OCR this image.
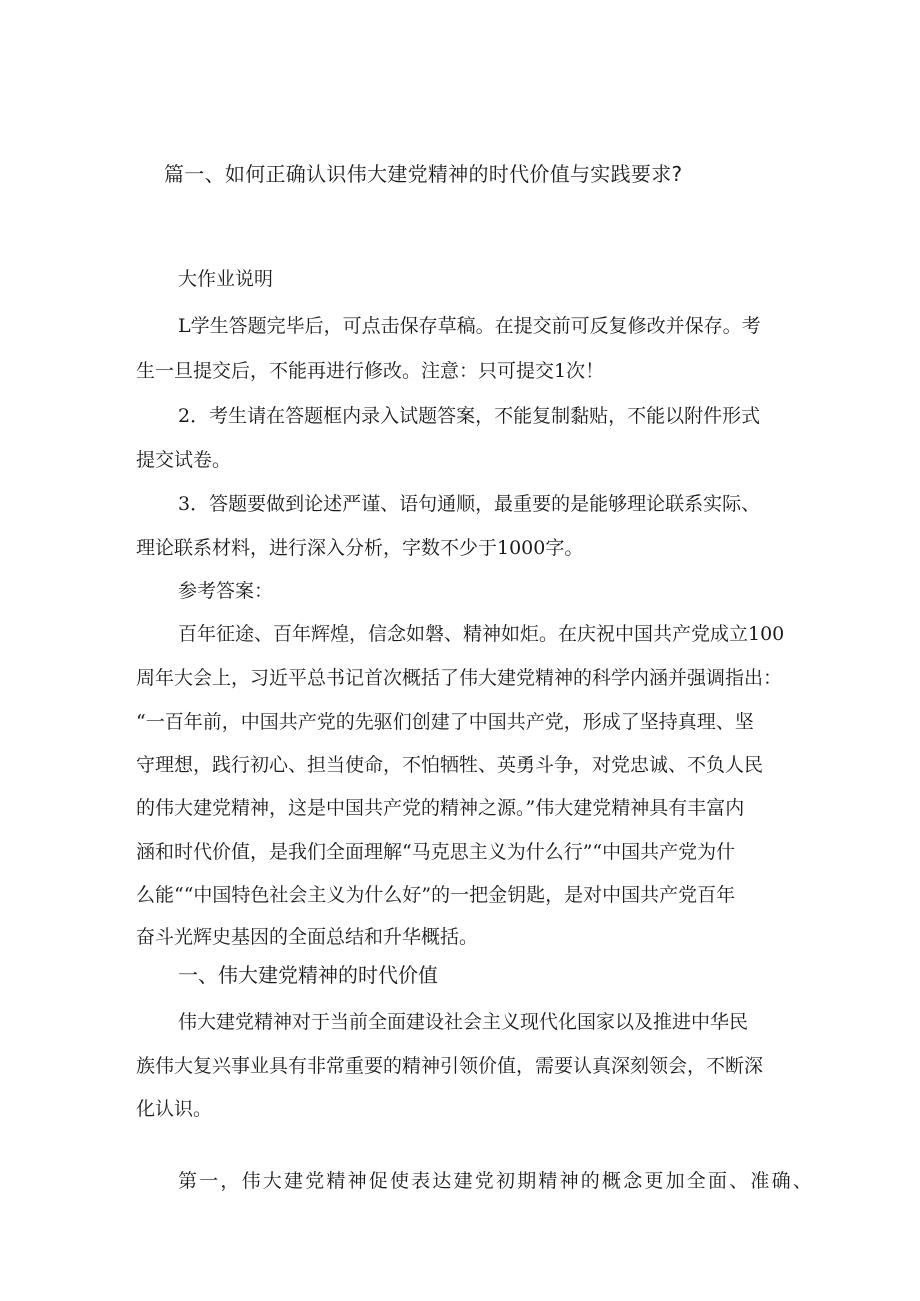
篇一、如何正确认识伟大建党精神的时代价值与实践要求?
大作业说明
L学生答题完毕后，可点击保存草稿。在提交前可反复修改并保存。考
生一旦提交后，不能再进行修改。注意：只可提交1次！
2．考生请在答题框内录入试题答案，不能复制黏贴，不能以附件形式
提交试卷。
3．答题要做到论述严谨、语句通顺，最重要的是能够理论联系实际、
理论联系材料，进行深入分析，字数不少于1000字。
参考答案：
百年征途、百年辉煌，信念如磐、精神如炬。在庆祝中国共产党成立100
周年大会上，习近平总书记首次概括了伟大建党精神的科学内涵并强调指出：
“一百年前，中国共产党的先驱们创建了中国共产党，形成了坚持真理、坚
守理想，践行初心、担当使命，不怕牺牲、英勇斗争，对党忠诚、不负人民
的伟大建党精神，这是中国共产党的精神之源。”伟大建党精神具有丰富内
涵和时代价值，是我们全面理解“马克思主义为什么行”“中国共产党为什
么能““中国特色社会主义为什么好”的一把金钥匙，是对中国共产党百年
奋斗光辉史基因的全面总结和升华概括。
一、伟大建党精神的时代价值
伟大建党精神对于当前全面建设社会主义现代化国家以及推进中华民
族伟大复兴事业具有非常重要的精神引领价值，需要认真深刻领会，不断深
化认识。
第一，伟大建党精神促使表达建党初期精神的概念更加全面、准确、
